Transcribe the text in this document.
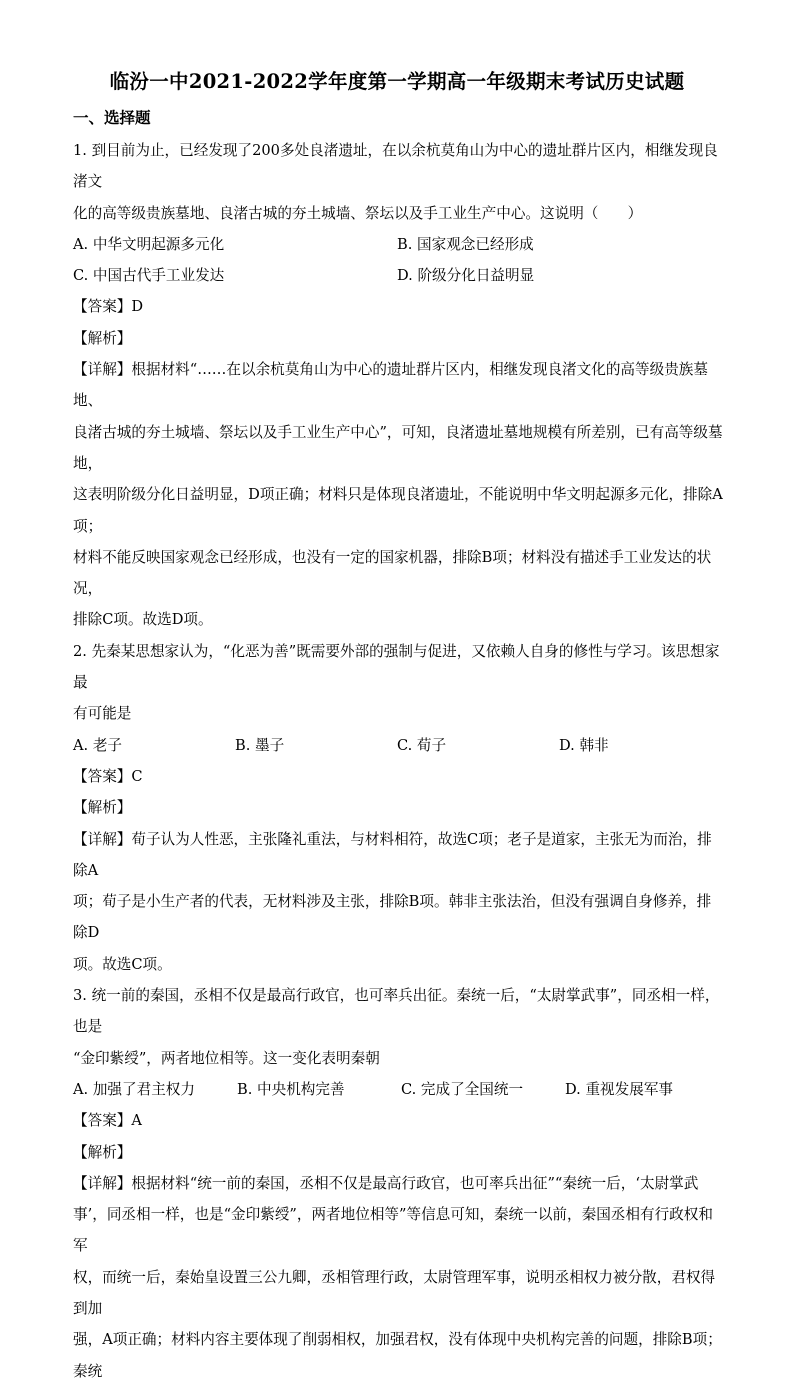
临汾一中2021-2022学年度第一学期高一年级期末考试历史试题
一、选择题

1. 到目前为止，已经发现了200多处良渚遗址，在以余杭莫角山为中心的遗址群片区内，相继发现良渚文

化的高等级贵族墓地、良渚古城的夯土城墙、祭坛以及手工业生产中心。这说明（　　）

A. 中华文明起源多元化	B. 国家观念已经形成
C. 中国古代手工业发达	D. 阶级分化日益明显

【答案】D

【解析】

【详解】根据材料“……在以余杭莫角山为中心的遗址群片区内，相继发现良渚文化的高等级贵族墓地、

良渚古城的夯土城墙、祭坛以及手工业生产中心”，可知，良渚遗址墓地规模有所差别，已有高等级墓地，

这表明阶级分化日益明显，D项正确；材料只是体现良渚遗址，不能说明中华文明起源多元化，排除A项；

材料不能反映国家观念已经形成，也没有一定的国家机器，排除B项；材料没有描述手工业发达的状况，

排除C项。故选D项。

2. 先秦某思想家认为，“化恶为善”既需要外部的强制与促进，又依赖人自身的修性与学习。该思想家最

有可能是

A. 老子	B. 墨子	C. 荀子	D. 韩非

【答案】C

【解析】

【详解】荀子认为人性恶，主张隆礼重法，与材料相符，故选C项；老子是道家，主张无为而治，排除A

项；荀子是小生产者的代表，无材料涉及主张，排除B项。韩非主张法治，但没有强调自身修养，排除D

项。故选C项。

3. 统一前的秦国，丞相不仅是最高行政官，也可率兵出征。秦统一后，“太尉掌武事”，同丞相一样，也是

“金印紫绶”，两者地位相等。这一变化表明秦朝

A. 加强了君主权力	B. 中央机构完善	C. 完成了全国统一	D. 重视发展军事

【答案】A

【解析】

【详解】根据材料“统一前的秦国，丞相不仅是最高行政官，也可率兵出征”“秦统一后，‘太尉掌武

事’，同丞相一样，也是“金印紫绶”，两者地位相等”等信息可知，秦统一以前，秦国丞相有行政权和军

权，而统一后，秦始皇设置三公九卿，丞相管理行政，太尉管理军事，说明丞相权力被分散，君权得到加

强，A项正确；材料内容主要体现了削弱相权，加强君权，没有体现中央机构完善的问题，排除B项；秦统
